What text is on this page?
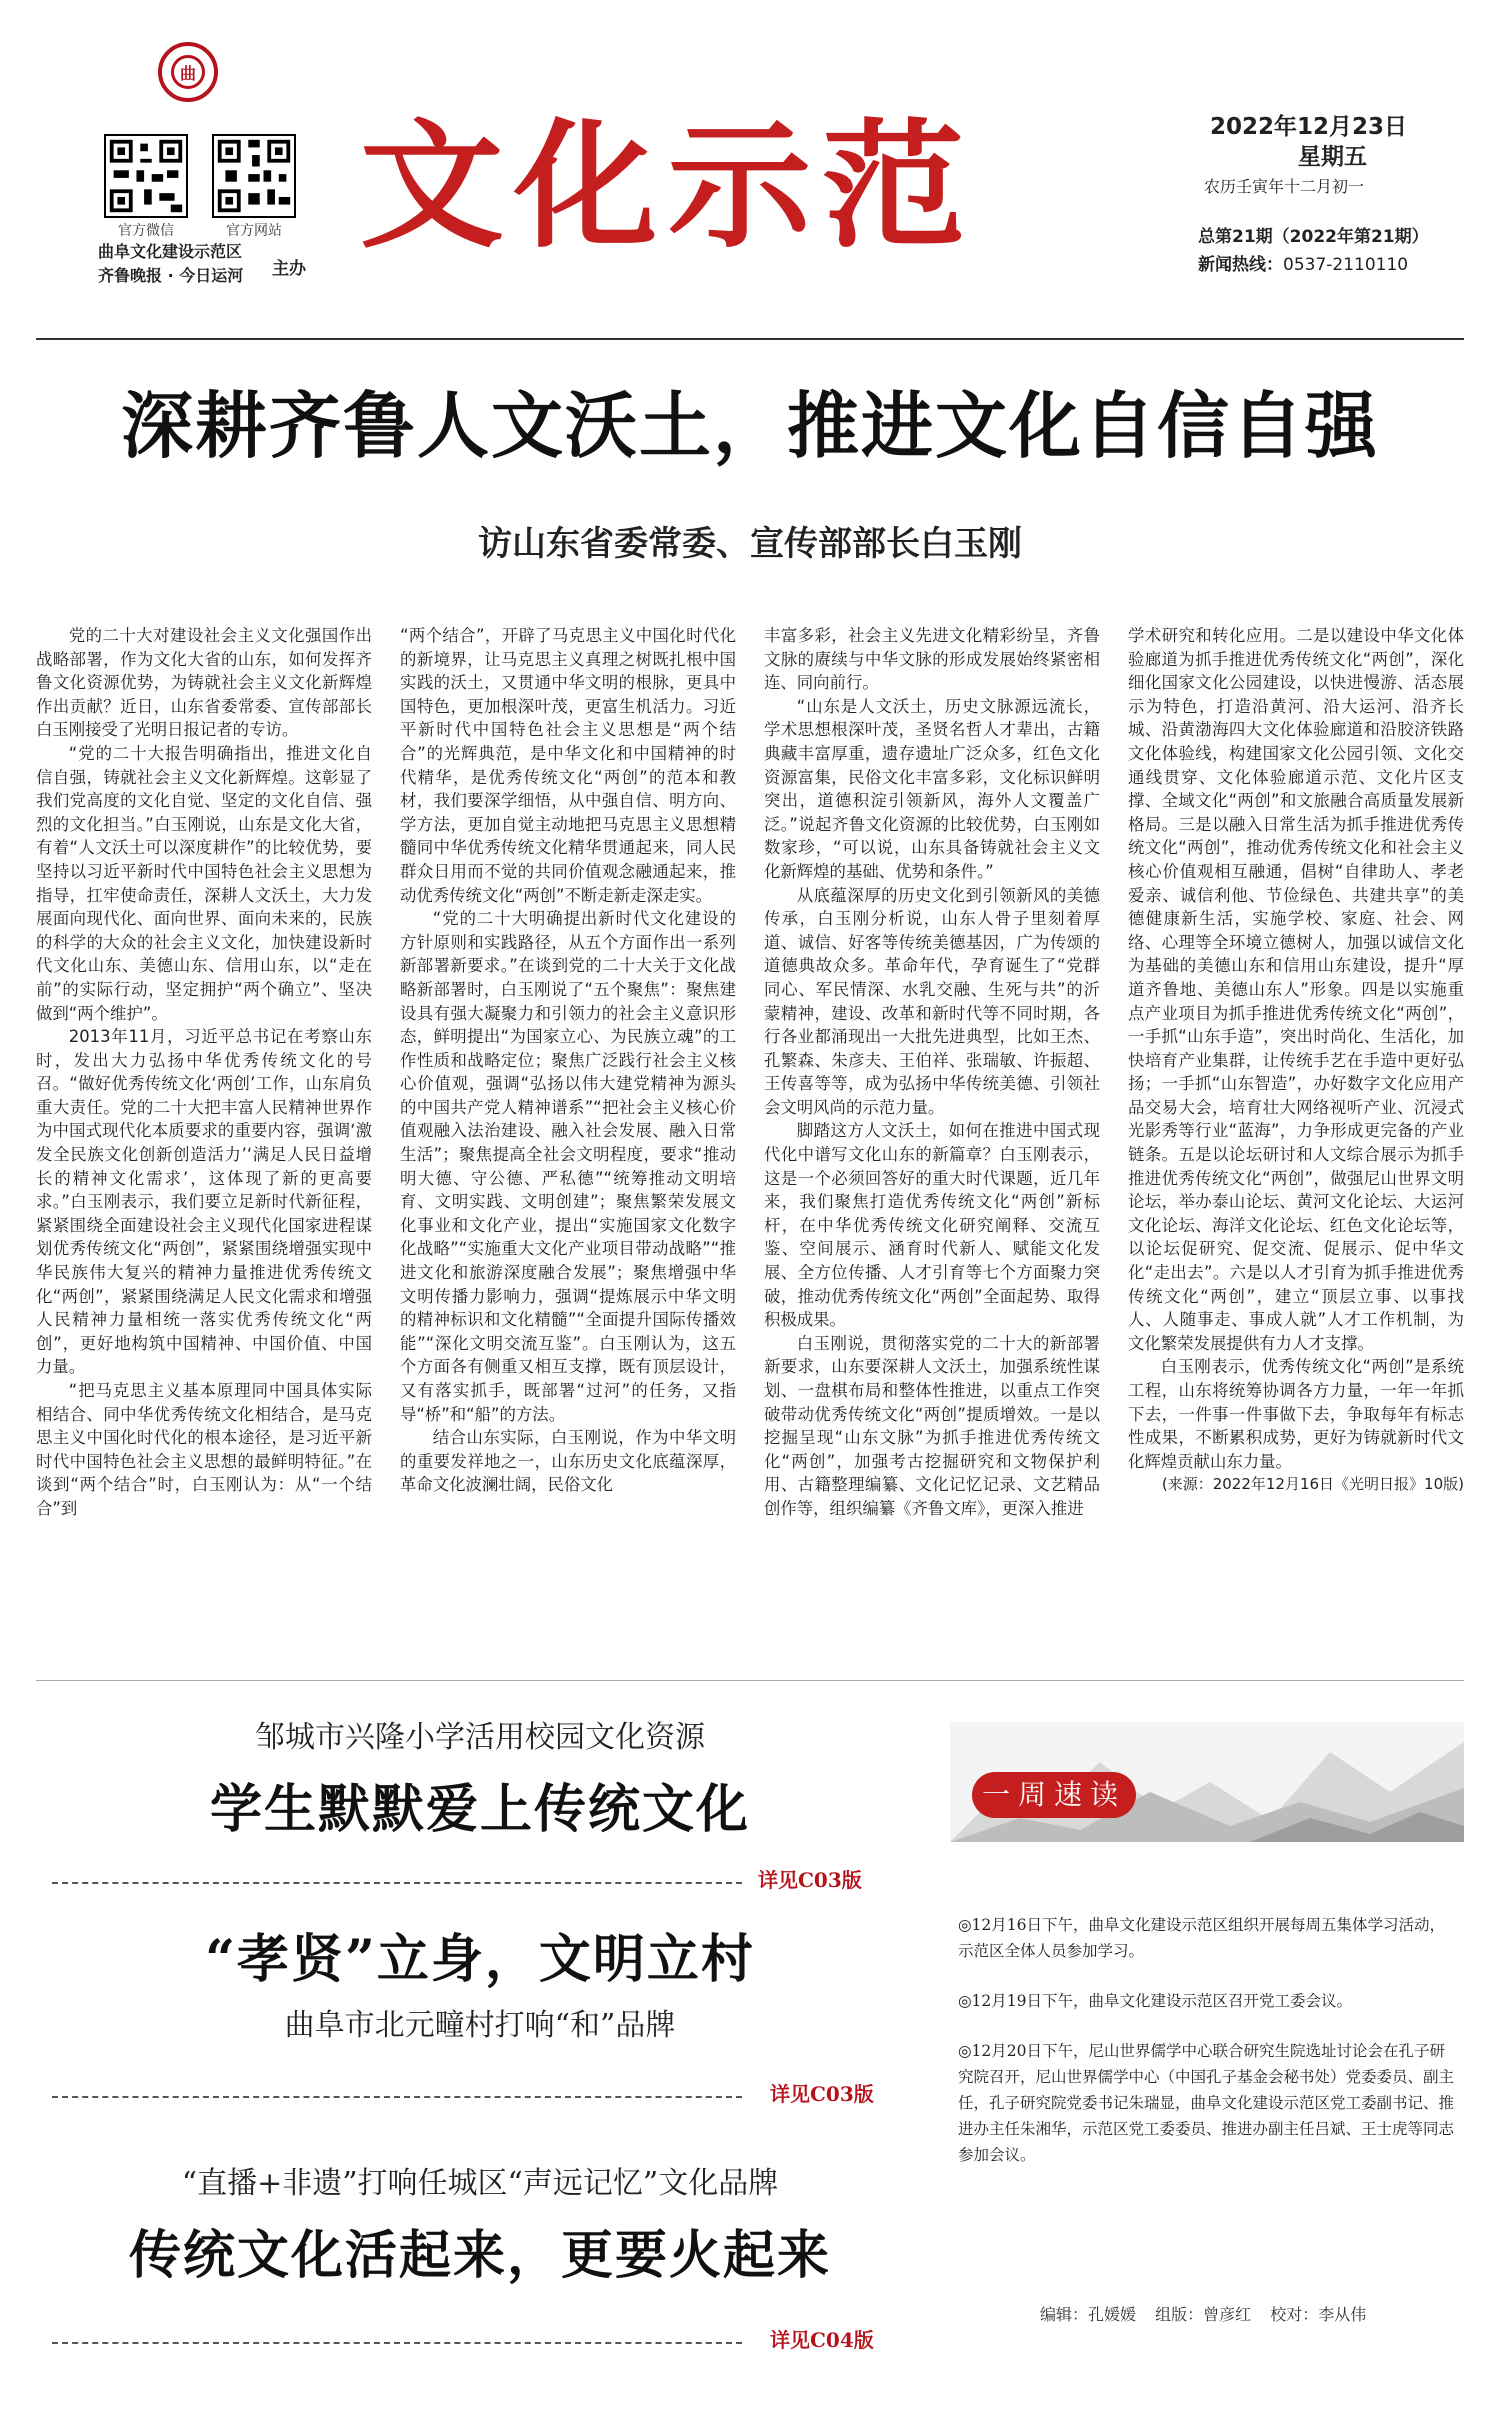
曲
官方微信	官方网站
曲阜文化建设示范区
齐鲁晚报 · 今日运河 主办
文化示范	2022年12月23日
星期五
农历壬寅年十二月初一
总第21期（2022年第21期）
新闻热线：0537-2110110
深耕齐鲁人文沃土，推进文化自信自强
访山东省委常委、宣传部部长白玉刚

党的二十大对建设社会主义文化强国作出战略部署，作为文化大省的山东，如何发挥齐鲁文化资源优势，为铸就社会主义文化新辉煌作出贡献？近日，山东省委常委、宣传部部长白玉刚接受了光明日报记者的专访。

“党的二十大报告明确指出，推进文化自信自强，铸就社会主义文化新辉煌。这彰显了我们党高度的文化自觉、坚定的文化自信、强烈的文化担当。”白玉刚说，山东是文化大省，有着“人文沃土可以深度耕作”的比较优势，要坚持以习近平新时代中国特色社会主义思想为指导，扛牢使命责任，深耕人文沃土，大力发展面向现代化、面向世界、面向未来的，民族的科学的大众的社会主义文化，加快建设新时代文化山东、美德山东、信用山东，以“走在前”的实际行动，坚定拥护“两个确立”、坚决做到“两个维护”。

2013年11月，习近平总书记在考察山东时，发出大力弘扬中华优秀传统文化的号召。“做好优秀传统文化‘两创’工作，山东肩负重大责任。党的二十大把丰富人民精神世界作为中国式现代化本质要求的重要内容，强调‘激发全民族文化创新创造活力’‘满足人民日益增长的精神文化需求’，这体现了新的更高要求。”白玉刚表示，我们要立足新时代新征程，紧紧围绕全面建设社会主义现代化国家进程谋划优秀传统文化“两创”，紧紧围绕增强实现中华民族伟大复兴的精神力量推进优秀传统文化“两创”，紧紧围绕满足人民文化需求和增强人民精神力量相统一落实优秀传统文化“两创”，更好地构筑中国精神、中国价值、中国力量。

“把马克思主义基本原理同中国具体实际相结合、同中华优秀传统文化相结合，是马克思主义中国化时代化的根本途径，是习近平新时代中国特色社会主义思想的最鲜明特征。”在谈到“两个结合”时，白玉刚认为：从“一个结合”到

“两个结合”，开辟了马克思主义中国化时代化的新境界，让马克思主义真理之树既扎根中国实践的沃土，又贯通中华文明的根脉，更具中国特色，更加根深叶茂，更富生机活力。习近平新时代中国特色社会主义思想是“两个结合”的光辉典范，是中华文化和中国精神的时代精华，是优秀传统文化“两创”的范本和教材，我们要深学细悟，从中强自信、明方向、学方法，更加自觉主动地把马克思主义思想精髓同中华优秀传统文化精华贯通起来，同人民群众日用而不觉的共同价值观念融通起来，推动优秀传统文化“两创”不断走新走深走实。

“党的二十大明确提出新时代文化建设的方针原则和实践路径，从五个方面作出一系列新部署新要求。”在谈到党的二十大关于文化战略新部署时，白玉刚说了“五个聚焦”：聚焦建设具有强大凝聚力和引领力的社会主义意识形态，鲜明提出“为国家立心、为民族立魂”的工作性质和战略定位；聚焦广泛践行社会主义核心价值观，强调“弘扬以伟大建党精神为源头的中国共产党人精神谱系”“把社会主义核心价值观融入法治建设、融入社会发展、融入日常生活”；聚焦提高全社会文明程度，要求“推动明大德、守公德、严私德”“统筹推动文明培育、文明实践、文明创建”；聚焦繁荣发展文化事业和文化产业，提出“实施国家文化数字化战略”“实施重大文化产业项目带动战略”“推进文化和旅游深度融合发展”；聚焦增强中华文明传播力影响力，强调“提炼展示中华文明的精神标识和文化精髓”“全面提升国际传播效能”“深化文明交流互鉴”。白玉刚认为，这五个方面各有侧重又相互支撑，既有顶层设计，又有落实抓手，既部署“过河”的任务，又指导“桥”和“船”的方法。

结合山东实际，白玉刚说，作为中华文明的重要发祥地之一，山东历史文化底蕴深厚，革命文化波澜壮阔，民俗文化

丰富多彩，社会主义先进文化精彩纷呈，齐鲁文脉的赓续与中华文脉的形成发展始终紧密相连、同向前行。

“山东是人文沃土，历史文脉源远流长，学术思想根深叶茂，圣贤名哲人才辈出，古籍典藏丰富厚重，遗存遗址广泛众多，红色文化资源富集，民俗文化丰富多彩，文化标识鲜明突出，道德积淀引领新风，海外人文覆盖广泛。”说起齐鲁文化资源的比较优势，白玉刚如数家珍，“可以说，山东具备铸就社会主义文化新辉煌的基础、优势和条件。”

从底蕴深厚的历史文化到引领新风的美德传承，白玉刚分析说，山东人骨子里刻着厚道、诚信、好客等传统美德基因，广为传颂的道德典故众多。革命年代，孕育诞生了“党群同心、军民情深、水乳交融、生死与共”的沂蒙精神，建设、改革和新时代等不同时期，各行各业都涌现出一大批先进典型，比如王杰、孔繁森、朱彦夫、王伯祥、张瑞敏、许振超、王传喜等等，成为弘扬中华传统美德、引领社会文明风尚的示范力量。

脚踏这方人文沃土，如何在推进中国式现代化中谱写文化山东的新篇章？白玉刚表示，这是一个必须回答好的重大时代课题，近几年来，我们聚焦打造优秀传统文化“两创”新标杆，在中华优秀传统文化研究阐释、交流互鉴、空间展示、涵育时代新人、赋能文化发展、全方位传播、人才引育等七个方面聚力突破，推动优秀传统文化“两创”全面起势、取得积极成果。

白玉刚说，贯彻落实党的二十大的新部署新要求，山东要深耕人文沃土，加强系统性谋划、一盘棋布局和整体性推进，以重点工作突破带动优秀传统文化“两创”提质增效。一是以挖掘呈现“山东文脉”为抓手推进优秀传统文化“两创”，加强考古挖掘研究和文物保护利用、古籍整理编纂、文化记忆记录、文艺精品创作等，组织编纂《齐鲁文库》，更深入推进

学术研究和转化应用。二是以建设中华文化体验廊道为抓手推进优秀传统文化“两创”，深化细化国家文化公园建设，以快进慢游、活态展示为特色，打造沿黄河、沿大运河、沿齐长城、沿黄渤海四大文化体验廊道和沿胶济铁路文化体验线，构建国家文化公园引领、文化交通线贯穿、文化体验廊道示范、文化片区支撑、全域文化“两创”和文旅融合高质量发展新格局。三是以融入日常生活为抓手推进优秀传统文化“两创”，推动优秀传统文化和社会主义核心价值观相互融通，倡树“自律助人、孝老爱亲、诚信利他、节俭绿色、共建共享”的美德健康新生活，实施学校、家庭、社会、网络、心理等全环境立德树人，加强以诚信文化为基础的美德山东和信用山东建设，提升“厚道齐鲁地、美德山东人”形象。四是以实施重点产业项目为抓手推进优秀传统文化“两创”，一手抓“山东手造”，突出时尚化、生活化，加快培育产业集群，让传统手艺在手造中更好弘扬；一手抓“山东智造”，办好数字文化应用产品交易大会，培育壮大网络视听产业、沉浸式光影秀等行业“蓝海”，力争形成更完备的产业链条。五是以论坛研讨和人文综合展示为抓手推进优秀传统文化“两创”，做强尼山世界文明论坛，举办泰山论坛、黄河文化论坛、大运河文化论坛、海洋文化论坛、红色文化论坛等，以论坛促研究、促交流、促展示、促中华文化“走出去”。六是以人才引育为抓手推进优秀传统文化“两创”，建立“顶层立事、以事找人、人随事走、事成人就”人才工作机制，为文化繁荣发展提供有力人才支撑。

白玉刚表示，优秀传统文化“两创”是系统工程，山东将统筹协调各方力量，一年一年抓下去，一件事一件事做下去，争取每年有标志性成果，不断累积成势，更好为铸就新时代文化辉煌贡献山东力量。

(来源：2022年12月16日《光明日报》10版)
邹城市兴隆小学活用校园文化资源
学生默默爱上传统文化
详见C03版
“孝贤”立身，文明立村
曲阜市北元疃村打响“和”品牌
详见C03版
“直播+非遗”打响任城区“声远记忆”文化品牌
传统文化活起来，更要火起来
详见C04版
一周速读

◎12月16日下午，曲阜文化建设示范区组织开展每周五集体学习活动，示范区全体人员参加学习。

◎12月19日下午，曲阜文化建设示范区召开党工委会议。

◎12月20日下午，尼山世界儒学中心联合研究生院选址讨论会在孔子研究院召开，尼山世界儒学中心（中国孔子基金会秘书处）党委委员、副主任，孔子研究院党委书记朱瑞显，曲阜文化建设示范区党工委副书记、推进办主任朱湘华，示范区党工委委员、推进办副主任吕斌、王士虎等同志参加会议。

编辑：孔媛媛 组版：曾彦红 校对：李从伟
